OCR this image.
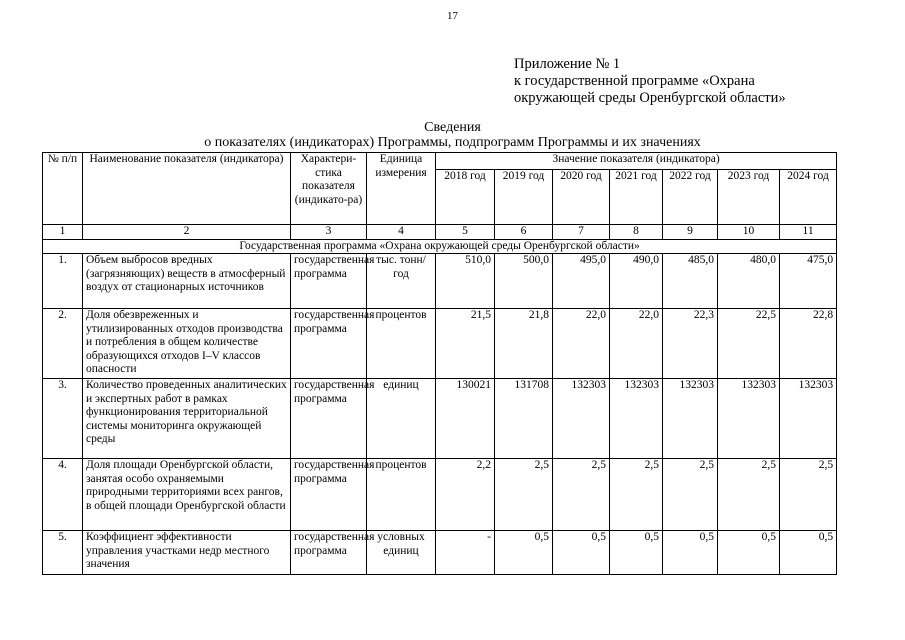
17
Приложение № 1
к государственной программе «Охрана
окружающей среды Оренбургской области»
Сведения
о показателях (индикаторах) Программы, подпрограмм Программы и их значениях
№ п/п	Наименование показателя (индикатора)	Характери-стика показателя (индикато-ра)	Единица измерения	Значение показателя (индикатора)						
				2018 год	2019 год	2020 год	2021 год	2022 год	2023 год	2024 год
1	2	3	4	5	6	7	8	9	10	11
Государственная программа «Охрана окружающей среды Оренбургской области»										
1.	Объем выбросов вредных (загрязняющих) веществ в атмосферный воздух от стационарных источников	государственная программа	тыс. тонн/год	510,0	500,0	495,0	490,0	485,0	480,0	475,0
2.	Доля обезвреженных и утилизированных отходов производства и потребления в общем количестве образующихся отходов I–V классов опасности	государственная программа	процентов	21,5	21,8	22,0	22,0	22,3	22,5	22,8
3.	Количество проведенных аналитических и экспертных работ в рамках функционирования территориальной системы мониторинга окружающей среды	государственная программа	единиц	130021	131708	132303	132303	132303	132303	132303
4.	Доля площади Оренбургской области, занятая особо охраняемыми природными территориями всех рангов, в общей площади Оренбургской области	государственная программа	процентов	2,2	2,5	2,5	2,5	2,5	2,5	2,5
5.	Коэффициент эффективности управления участками недр местного значения	государственная программа	условных единиц	-	0,5	0,5	0,5	0,5	0,5	0,5
